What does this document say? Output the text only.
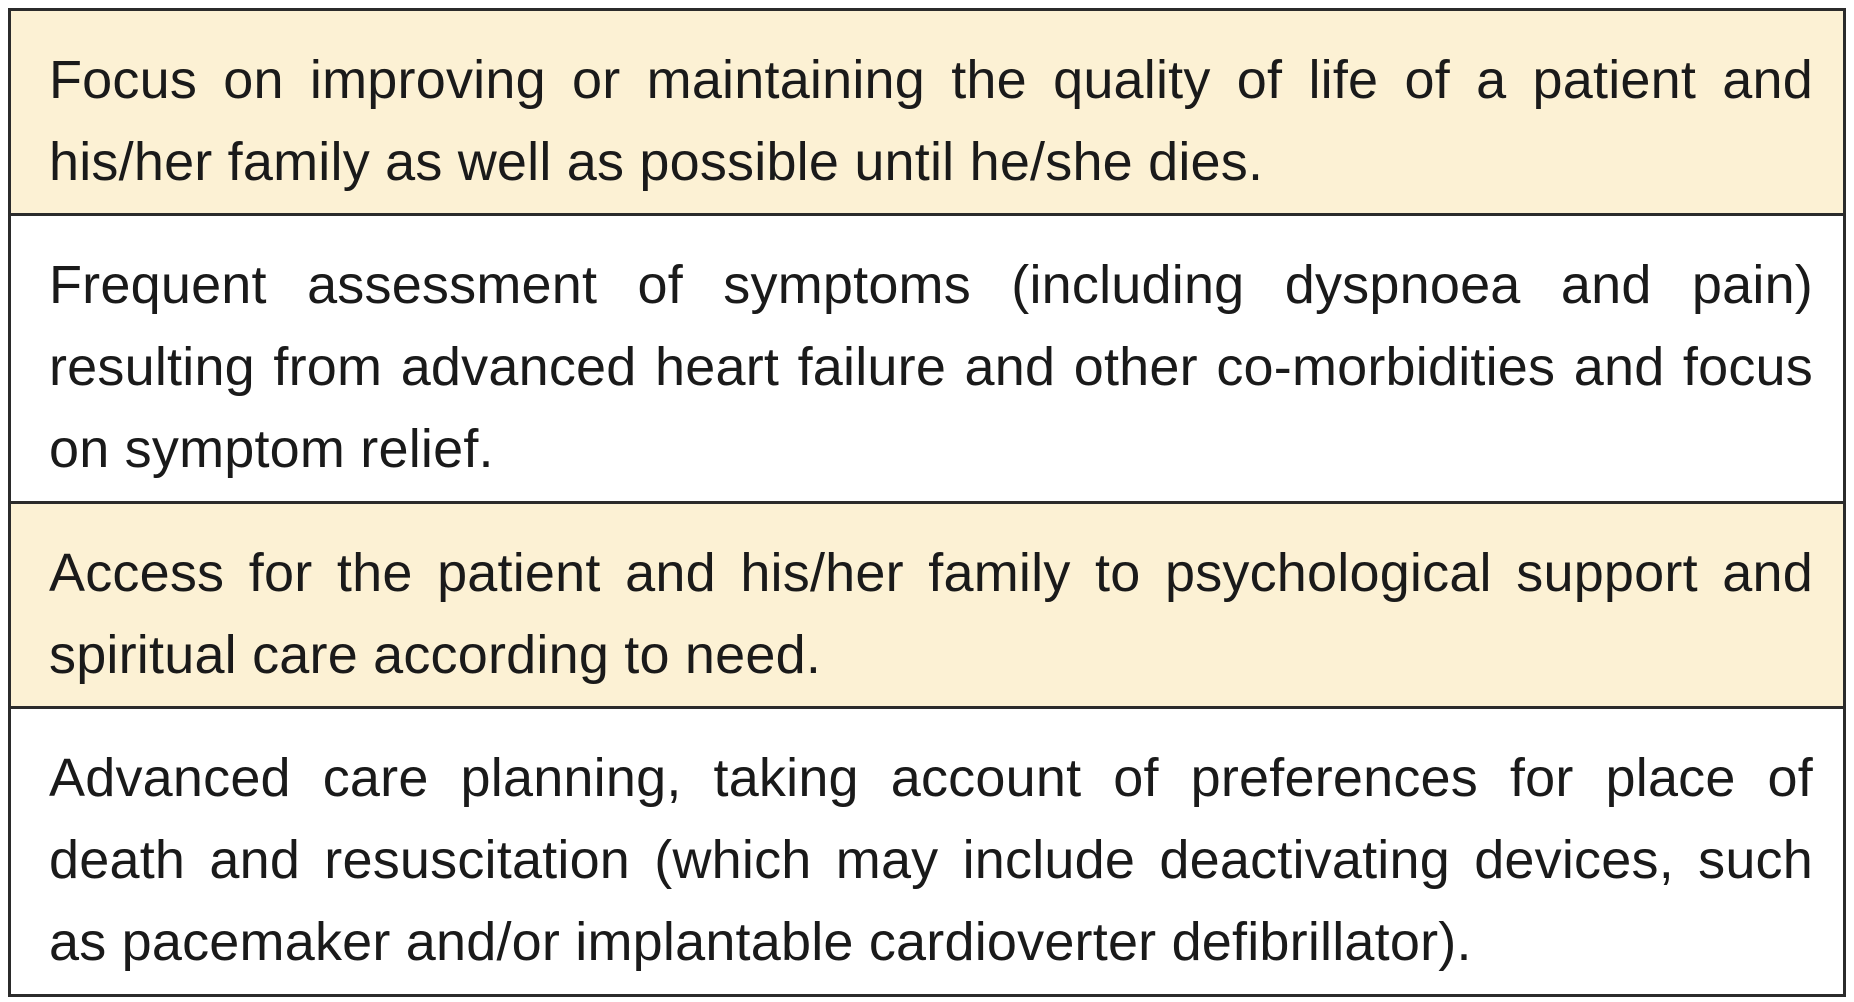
Focus on improving or maintaining the quality of life of a patient and his/her family as well as possible until he/she dies.
Frequent assessment of symptoms (including dyspnoea and pain) resulting from advanced heart failure and other co-morbidities and focus on symptom relief.
Access for the patient and his/her family to psychological support and spiritual care according to need.
Advanced care planning, taking account of preferences for place of death and resuscitation (which may include deactivating devices, such as pacemaker and/or implantable cardioverter defibrillator).
